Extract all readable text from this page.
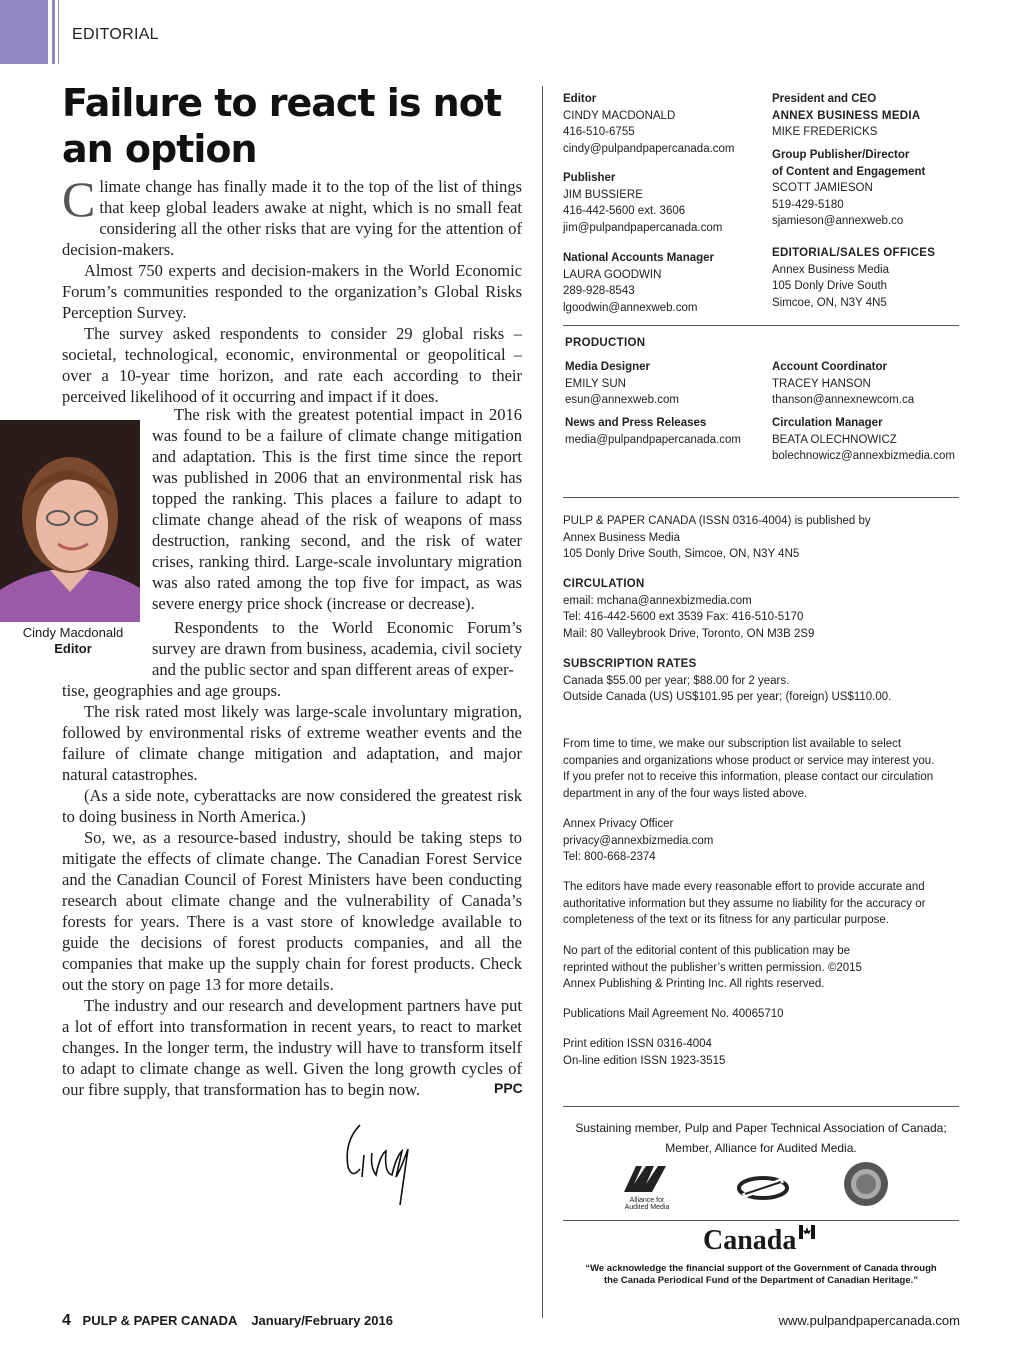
EDITORIAL
Failure to react is not an option

Climate change has finally made it to the top of the list of things that keep global leaders awake at night, which is no small feat considering all the other risks that are vying for the attention of decision-makers.

Almost 750 experts and decision-makers in the World Economic Forum’s communities responded to the organization’s Global Risks Perception Survey.

The survey asked respondents to consider 29 global risks – societal, technological, economic, environmental or geopolitical – over a 10-year time horizon, and rate each according to their perceived likelihood of it occurring and impact if it does.

Cindy Macdonald
Editor

The risk with the greatest potential impact in 2016 was found to be a failure of climate change mitigation and adaptation. This is the first time since the report was published in 2006 that an environmental risk has topped the ranking. This places a failure to adapt to climate change ahead of the risk of weapons of mass destruction, ranking second, and the risk of water crises, ranking third. Large-scale involuntary migration was also rated among the top five for impact, as was severe energy price shock (increase or decrease).

Respondents to the World Economic Forum’s survey are drawn from business, academia, civil society and the public sector and span different areas of exper-

tise, geographies and age groups.

The risk rated most likely was large-scale involuntary migration, followed by environmental risks of extreme weather events and the failure of climate change mitigation and adaptation, and major natural catastrophes.

(As a side note, cyberattacks are now considered the greatest risk to doing business in North America.)

So, we, as a resource-based industry, should be taking steps to mitigate the effects of climate change. The Canadian Forest Service and the Canadian Council of Forest Ministers have been conducting research about climate change and the vulnerability of Canada’s forests for years. There is a vast store of knowledge available to guide the decisions of forest products companies, and all the companies that make up the supply chain for forest products. Check out the story on page 13 for more details.

The industry and our research and development partners have put a lot of effort into transformation in recent years, to react to market changes. In the longer term, the industry will have to transform itself to adapt to climate change as well. Given the long growth cycles of our fibre supply, that transformation has to begin now.	PPC
Editor
CINDY MACDONALD
416-510-6755
cindy@pulpandpapercanada.com
Publisher
JIM BUSSIERE
416-442-5600 ext. 3606
jim@pulpandpapercanada.com
National Accounts Manager
LAURA GOODWIN
289-928-8543
lgoodwin@annexweb.com
President and CEO
ANNEX BUSINESS MEDIA
MIKE FREDERICKS
Group Publisher/Director
of Content and Engagement
SCOTT JAMIESON
519-429-5180
sjamieson@annexweb.co
EDITORIAL/SALES OFFICES
Annex Business Media
105 Donly Drive South
Simcoe, ON, N3Y 4N5
PRODUCTION
Media Designer
EMILY SUN
esun@annexweb.com
News and Press Releases
media@pulpandpapercanada.com
Account Coordinator
TRACEY HANSON
thanson@annexnewcom.ca
Circulation Manager
BEATA OLECHNOWICZ
bolechnowicz@annexbizmedia.com
PULP & PAPER CANADA (ISSN 0316-4004) is published by
Annex Business Media
105 Donly Drive South, Simcoe, ON, N3Y 4N5
CIRCULATION
email: mchana@annexbizmedia.com
Tel: 416-442-5600 ext 3539 Fax: 416-510-5170
Mail: 80 Valleybrook Drive, Toronto, ON M3B 2S9
SUBSCRIPTION RATES
Canada $55.00 per year; $88.00 for 2 years.
Outside Canada (US) US$101.95 per year; (foreign) US$110.00.
From time to time, we make our subscription list available to select
companies and organizations whose product or service may interest you.
If you prefer not to receive this information, please contact our circulation
department in any of the four ways listed above.
Annex Privacy Officer
privacy@annexbizmedia.com
Tel: 800-668-2374
The editors have made every reasonable effort to provide accurate and
authoritative information but they assume no liability for the accuracy or
completeness of the text or its fitness for any particular purpose.
No part of the editorial content of this publication may be
reprinted without the publisher’s written permission. ©2015
Annex Publishing & Printing Inc. All rights reserved.
Publications Mail Agreement No. 40065710
Print edition ISSN 0316-4004
On-line edition ISSN 1923-3515
Sustaining member, Pulp and Paper Technical Association of Canada;
Member, Alliance for Audited Media.
Alliance for
Audited Media
Canada
“We acknowledge the financial support of the Government of Canada through
the Canada Periodical Fund of the Department of Canadian Heritage.”
4 PULP & PAPER CANADA January/February 2016	www.pulpandpapercanada.com
